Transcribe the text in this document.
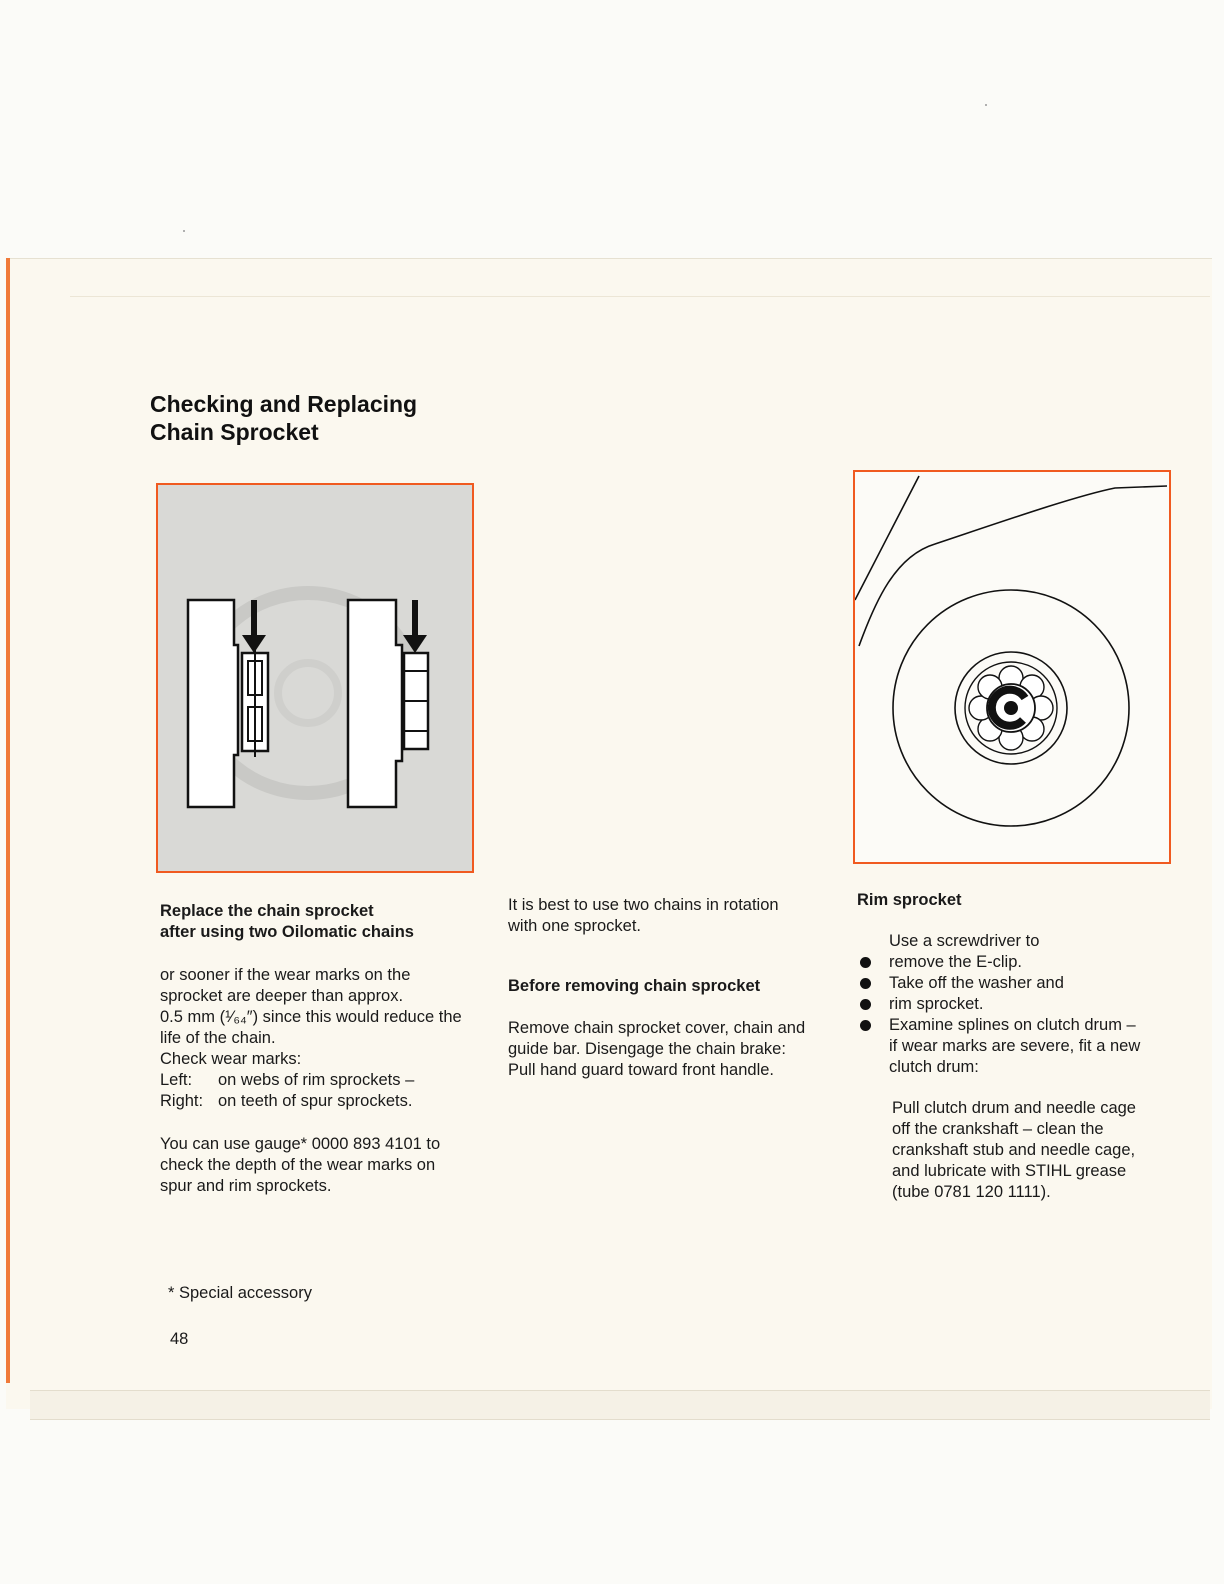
Checking and Replacing
Chain Sprocket

Replace the chain sprocket
after using two Oilomatic chains

or sooner if the wear marks on the
sprocket are deeper than approx.
0.5 mm (¹⁄₆₄″) since this would reduce the
life of the chain.
Check wear marks:

Left:	on webs of rim sprockets –
Right: on teeth of spur sprockets.

You can use gauge* 0000 893 4101 to
check the depth of the wear marks on
spur and rim sprockets.

It is best to use two chains in rotation
with one sprocket.

Before removing chain sprocket

Remove chain sprocket cover, chain and
guide bar. Disengage the chain brake:
Pull hand guard toward front handle.

Rim sprocket

Use a screwdriver to
remove the E-clip.
Take off the washer and
rim sprocket.
Examine splines on clutch drum –
if wear marks are severe, fit a new
clutch drum:

Pull clutch drum and needle cage
off the crankshaft – clean the
crankshaft stub and needle cage,
and lubricate with STIHL grease
(tube 0781 120 1111).

* Special accessory
48
